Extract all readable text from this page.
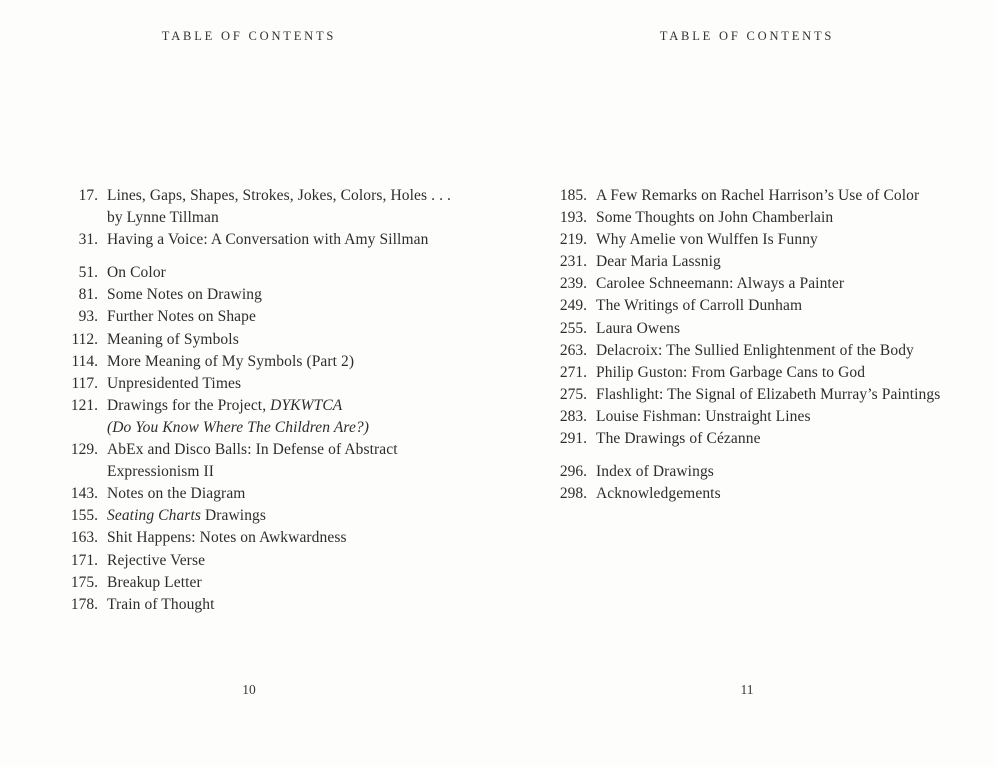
TABLE OF CONTENTS
17. Lines, Gaps, Shapes, Strokes, Jokes, Colors, Holes . . .
by Lynne Tillman
31. Having a Voice: A Conversation with Amy Sillman
51. On Color
81. Some Notes on Drawing
93. Further Notes on Shape
112. Meaning of Symbols
114. More Meaning of My Symbols (Part 2)
117. Unpresidented Times
121. Drawings for the Project, DYKWTCA
(Do You Know Where The Children Are?)
129. AbEx and Disco Balls: In Defense of Abstract
Expressionism II
143. Notes on the Diagram
155. Seating Charts Drawings
163. Shit Happens: Notes on Awkwardness
171. Rejective Verse
175. Breakup Letter
178. Train of Thought
10
TABLE OF CONTENTS
185. A Few Remarks on Rachel Harrison’s Use of Color
193. Some Thoughts on John Chamberlain
219. Why Amelie von Wulffen Is Funny
231. Dear Maria Lassnig
239. Carolee Schneemann: Always a Painter
249. The Writings of Carroll Dunham
255. Laura Owens
263. Delacroix: The Sullied Enlightenment of the Body
271. Philip Guston: From Garbage Cans to God
275. Flashlight: The Signal of Elizabeth Murray’s Paintings
283. Louise Fishman: Unstraight Lines
291. The Drawings of Cézanne
296. Index of Drawings
298. Acknowledgements
11
